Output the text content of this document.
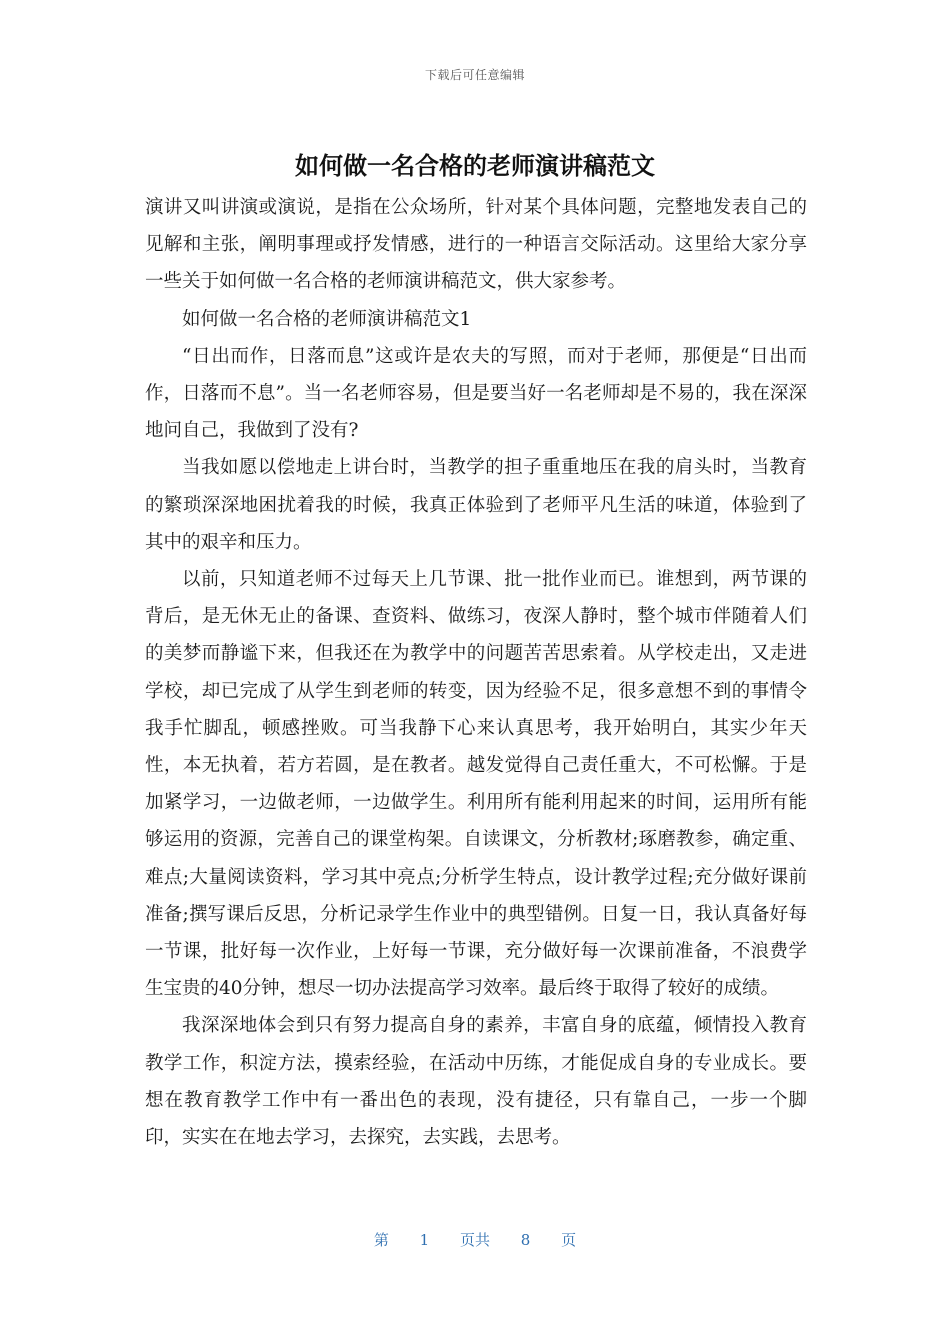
下载后可任意编辑
如何做一名合格的老师演讲稿范文

演讲又叫讲演或演说，是指在公众场所，针对某个具体问题，完整地发表自己的见解和主张，阐明事理或抒发情感，进行的一种语言交际活动。这里给大家分享一些关于如何做一名合格的老师演讲稿范文，供大家参考。

如何做一名合格的老师演讲稿范文1

“日出而作，日落而息”这或许是农夫的写照，而对于老师，那便是“日出而作，日落而不息”。当一名老师容易，但是要当好一名老师却是不易的，我在深深地问自己，我做到了没有?

当我如愿以偿地走上讲台时，当教学的担子重重地压在我的肩头时，当教育的繁琐深深地困扰着我的时候，我真正体验到了老师平凡生活的味道，体验到了其中的艰辛和压力。

以前，只知道老师不过每天上几节课、批一批作业而已。谁想到，两节课的背后，是无休无止的备课、查资料、做练习，夜深人静时，整个城市伴随着人们的美梦而静谧下来，但我还在为教学中的问题苦苦思索着。从学校走出，又走进学校，却已完成了从学生到老师的转变，因为经验不足，很多意想不到的事情令我手忙脚乱，顿感挫败。可当我静下心来认真思考，我开始明白，其实少年天性，本无执着，若方若圆，是在教者。越发觉得自己责任重大，不可松懈。于是加紧学习，一边做老师，一边做学生。利用所有能利用起来的时间，运用所有能够运用的资源，完善自己的课堂构架。自读课文，分析教材;琢磨教参，确定重、难点;大量阅读资料，学习其中亮点;分析学生特点，设计教学过程;充分做好课前准备;撰写课后反思，分析记录学生作业中的典型错例。日复一日，我认真备好每一节课，批好每一次作业，上好每一节课，充分做好每一次课前准备，不浪费学生宝贵的40分钟，想尽一切办法提高学习效率。最后终于取得了较好的成绩。

我深深地体会到只有努力提高自身的素养，丰富自身的底蕴，倾情投入教育教学工作，积淀方法，摸索经验，在活动中历练，才能促成自身的专业成长。要想在教育教学工作中有一番出色的表现，没有捷径，只有靠自己，一步一个脚印，实实在在地去学习，去探究，去实践，去思考。

第 1 页共 8 页
